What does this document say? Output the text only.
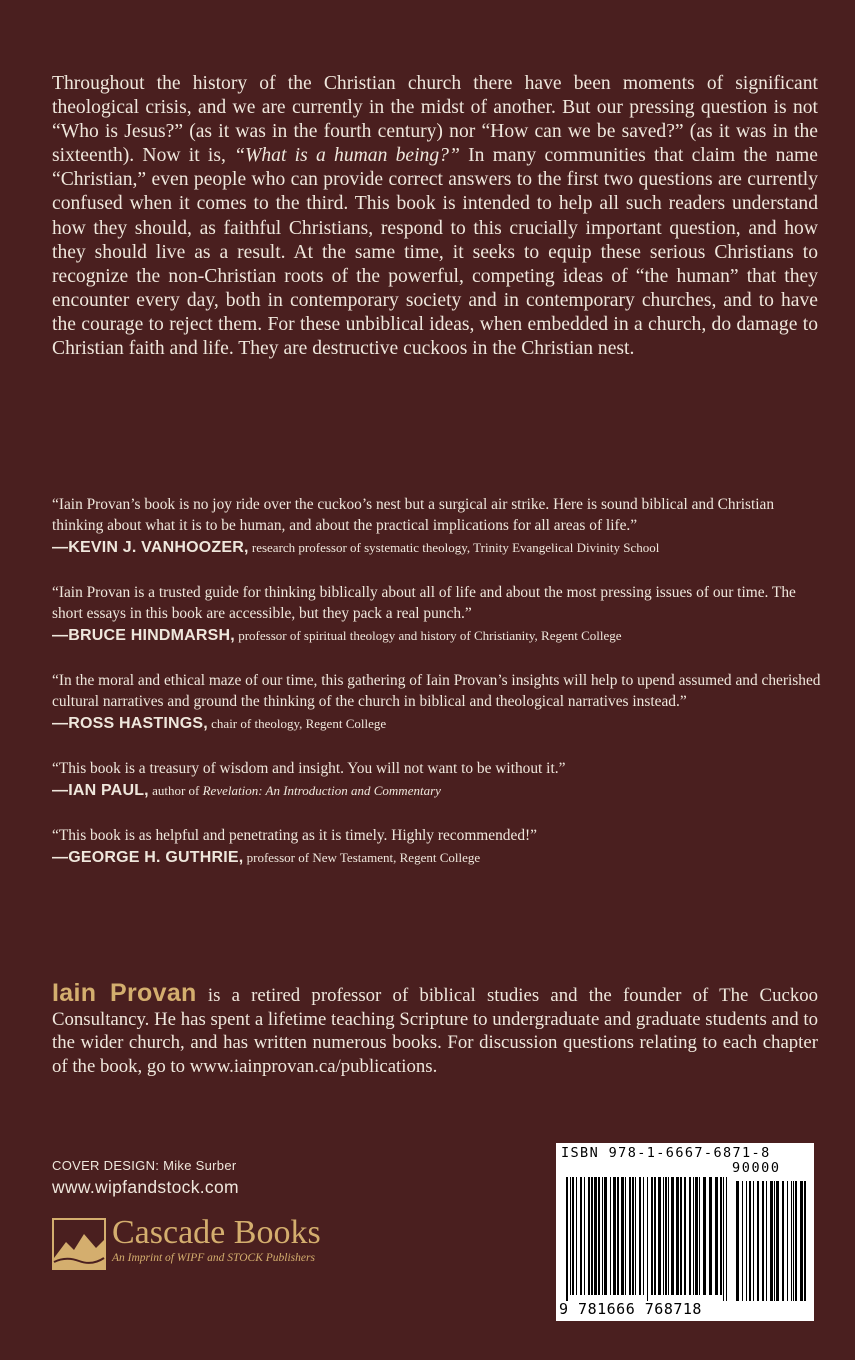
Throughout the history of the Christian church there have been moments of significant theological crisis, and we are currently in the midst of another. But our pressing question is not “Who is Jesus?” (as it was in the fourth century) nor “How can we be saved?” (as it was in the sixteenth). Now it is, “What is a human being?” In many communities that claim the name “Christian,” even people who can provide correct answers to the first two questions are currently confused when it comes to the third. This book is intended to help all such readers understand how they should, as faithful Christians, respond to this crucially important question, and how they should live as a result. At the same time, it seeks to equip these serious Christians to recognize the non-Christian roots of the powerful, competing ideas of “the human” that they encounter every day, both in contemporary society and in contemporary churches, and to have the courage to reject them. For these unbiblical ideas, when embedded in a church, do damage to Christian faith and life. They are destructive cuckoos in the Christian nest.

“Iain Provan’s book is no joy ride over the cuckoo’s nest but a surgical air strike. Here is sound biblical and Christian thinking about what it is to be human, and about the practical implications for all areas of life.”

—KEVIN J. VANHOOZER, research professor of systematic theology, Trinity Evangelical Divinity School

“Iain Provan is a trusted guide for thinking biblically about all of life and about the most pressing issues of our time. The short essays in this book are accessible, but they pack a real punch.”

—BRUCE HINDMARSH, professor of spiritual theology and history of Christianity, Regent College

“In the moral and ethical maze of our time, this gathering of Iain Provan’s insights will help to upend assumed and cherished cultural narratives and ground the thinking of the church in biblical and theological narratives instead.”

—ROSS HASTINGS, chair of theology, Regent College

“This book is a treasury of wisdom and insight. You will not want to be without it.”

—IAN PAUL, author of Revelation: An Introduction and Commentary

“This book is as helpful and penetrating as it is timely. Highly recommended!”

—GEORGE H. GUTHRIE, professor of New Testament, Regent College

Iain Provan is a retired professor of biblical studies and the founder of The Cuckoo Consultancy. He has spent a lifetime teaching Scripture to undergraduate and graduate students and to the wider church, and has written numerous books. For discussion questions relating to each chapter of the book, go to www.iainprovan.ca/publications.

COVER DESIGN: Mike Surber
www.wipfandstock.com
Cascade Books
An Imprint of WIPF and STOCK Publishers
ISBN 978-1-6667-6871-8
90000
9 781666 768718
